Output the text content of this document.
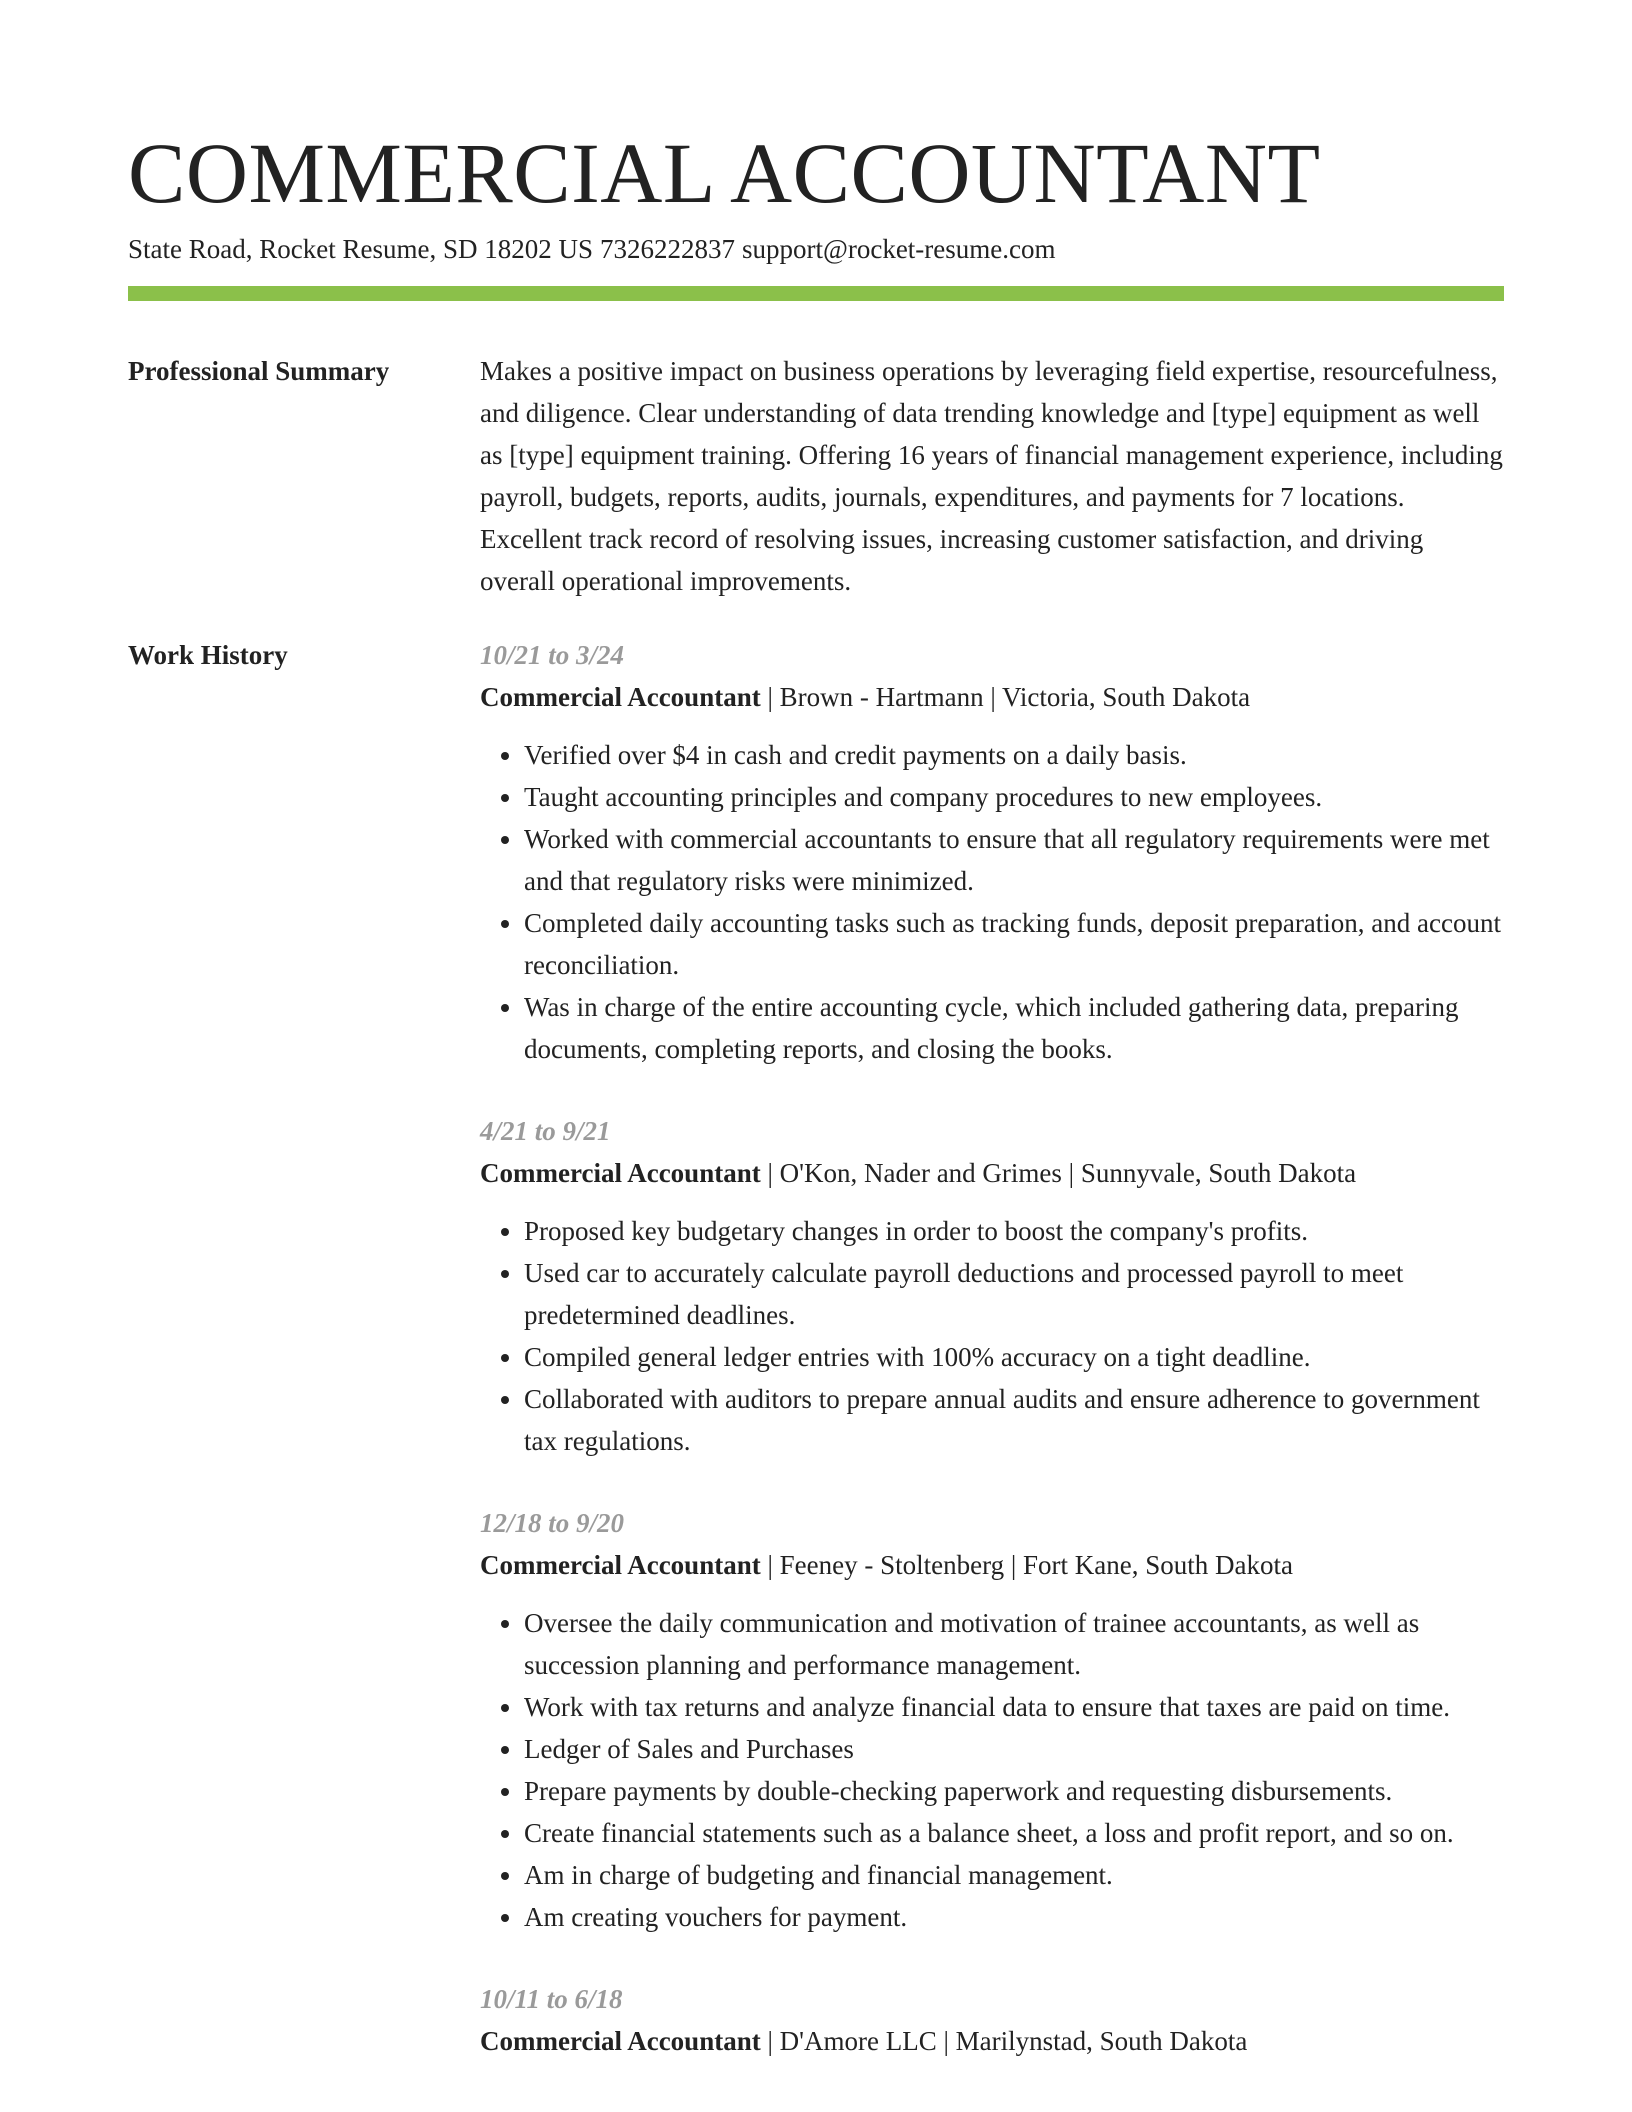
COMMERCIAL ACCOUNTANT
State Road, Rocket Resume, SD 18202 US 7326222837 support@rocket-resume.com
Professional Summary	Makes a positive impact on business operations by leveraging field expertise, resourcefulness, and diligence. Clear understanding of data trending knowledge and [type] equipment as well as [type] equipment training. Offering 16 years of financial management experience, including payroll, budgets, reports, audits, journals, expenditures, and payments for 7 locations. Excellent track record of resolving issues, increasing customer satisfaction, and driving overall operational improvements.
Work History	10/21 to 3/24
Commercial Accountant | Brown - Hartmann | Victoria, South Dakota
• Verified over $4 in cash and credit payments on a daily basis.
• Taught accounting principles and company procedures to new employees.
• Worked with commercial accountants to ensure that all regulatory requirements were met and that regulatory risks were minimized.
• Completed daily accounting tasks such as tracking funds, deposit preparation, and account reconciliation.
• Was in charge of the entire accounting cycle, which included gathering data, preparing documents, completing reports, and closing the books.
4/21 to 9/21
Commercial Accountant | O'Kon, Nader and Grimes | Sunnyvale, South Dakota
• Proposed key budgetary changes in order to boost the company's profits.
• Used car to accurately calculate payroll deductions and processed payroll to meet predetermined deadlines.
• Compiled general ledger entries with 100% accuracy on a tight deadline.
• Collaborated with auditors to prepare annual audits and ensure adherence to government tax regulations.
12/18 to 9/20
Commercial Accountant | Feeney - Stoltenberg | Fort Kane, South Dakota
• Oversee the daily communication and motivation of trainee accountants, as well as succession planning and performance management.
• Work with tax returns and analyze financial data to ensure that taxes are paid on time.
• Ledger of Sales and Purchases
• Prepare payments by double-checking paperwork and requesting disbursements.
• Create financial statements such as a balance sheet, a loss and profit report, and so on.
• Am in charge of budgeting and financial management.
• Am creating vouchers for payment.
10/11 to 6/18
Commercial Accountant | D'Amore LLC | Marilynstad, South Dakota
